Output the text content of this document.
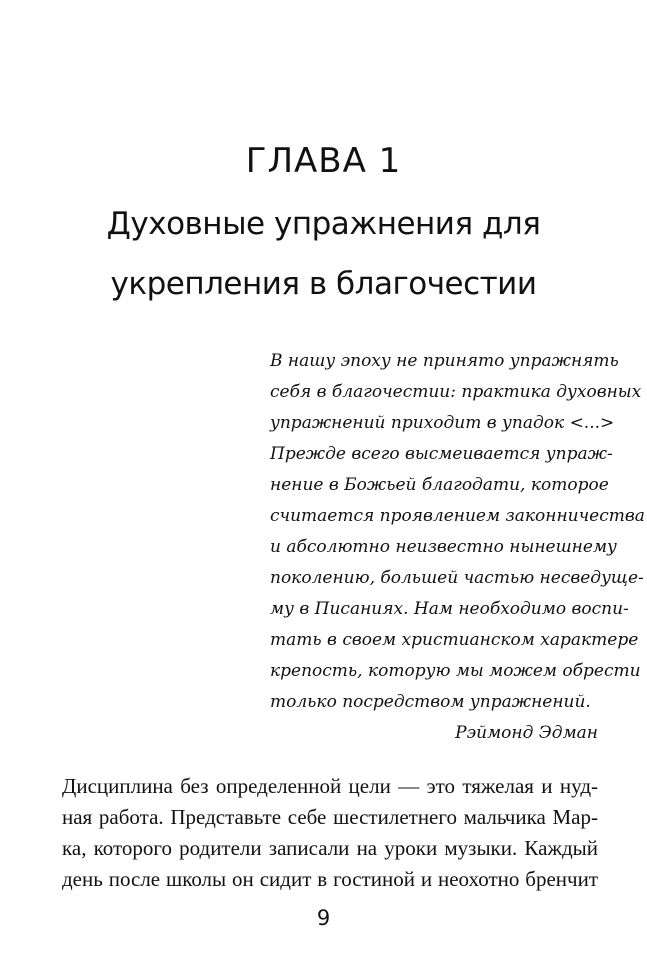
ГЛАВА 1
Духовные упражнения для
укрепления в благочестии
В нашу эпоху не принято упражнять
себя в благочестии: практика духовных
упражнений приходит в упадок <...>
Прежде всего высмеивается упраж-
нение в Божьей благодати, которое
считается проявлением законничества
и абсолютно неизвестно нынешнему
поколению, большей частью несведуще-
му в Писаниях. Нам необходимо воспи-
тать в своем христианском характере
крепость, которую мы можем обрести
только посредством упражнений.
Рэймонд Эдман
Дисциплина без определенной цели — это тяжелая и нуд-
ная работа. Представьте себе шестилетнего мальчика Мар-
ка, которого родители записали на уроки музыки. Каждый
день после школы он сидит в гостиной и неохотно бренчит
9
